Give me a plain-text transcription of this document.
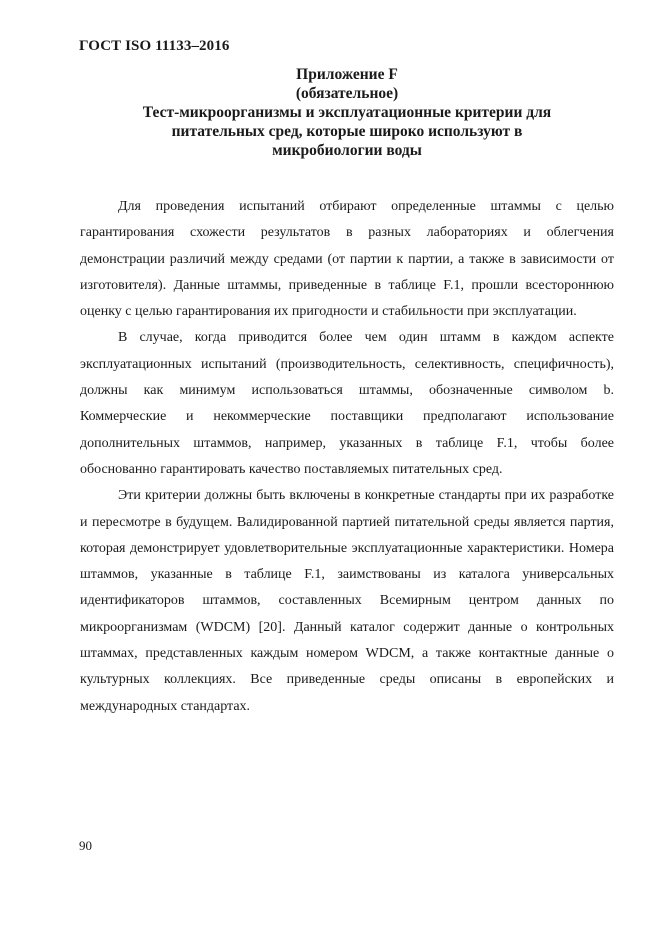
ГОСТ ISO 11133–2016
Приложение F
(обязательное)
Тест-микроорганизмы и эксплуатационные критерии для
питательных сред, которые широко используют в
микробиологии воды

Для проведения испытаний отбирают определенные штаммы с целью гарантирования схожести результатов в разных лабораториях и облегчения демонстрации различий между средами (от партии к партии, а также в зависимости от изготовителя). Данные штаммы, приведенные в таблице F.1, прошли всестороннюю оценку с целью гарантирования их пригодности и стабильности при эксплуатации.

В случае, когда приводится более чем один штамм в каждом аспекте эксплуатационных испытаний (производительность, селективность, специфичность), должны как минимум использоваться штаммы, обозначенные символом b. Коммерческие и некоммерческие поставщики предполагают использование дополнительных штаммов, например, указанных в таблице F.1, чтобы более обоснованно гарантировать качество поставляемых питательных сред.

Эти критерии должны быть включены в конкретные стандарты при их разработке и пересмотре в будущем. Валидированной партией питательной среды является партия, которая демонстрирует удовлетворительные эксплуатационные характеристики. Номера штаммов, указанные в таблице F.1, заимствованы из каталога универсальных идентификаторов штаммов, составленных Всемирным центром данных по микроорганизмам (WDCM) [20]. Данный каталог содержит данные о контрольных штаммах, представленных каждым номером WDCM, а также контактные данные о культурных коллекциях. Все приведенные среды описаны в европейских и международных стандартах.

90
